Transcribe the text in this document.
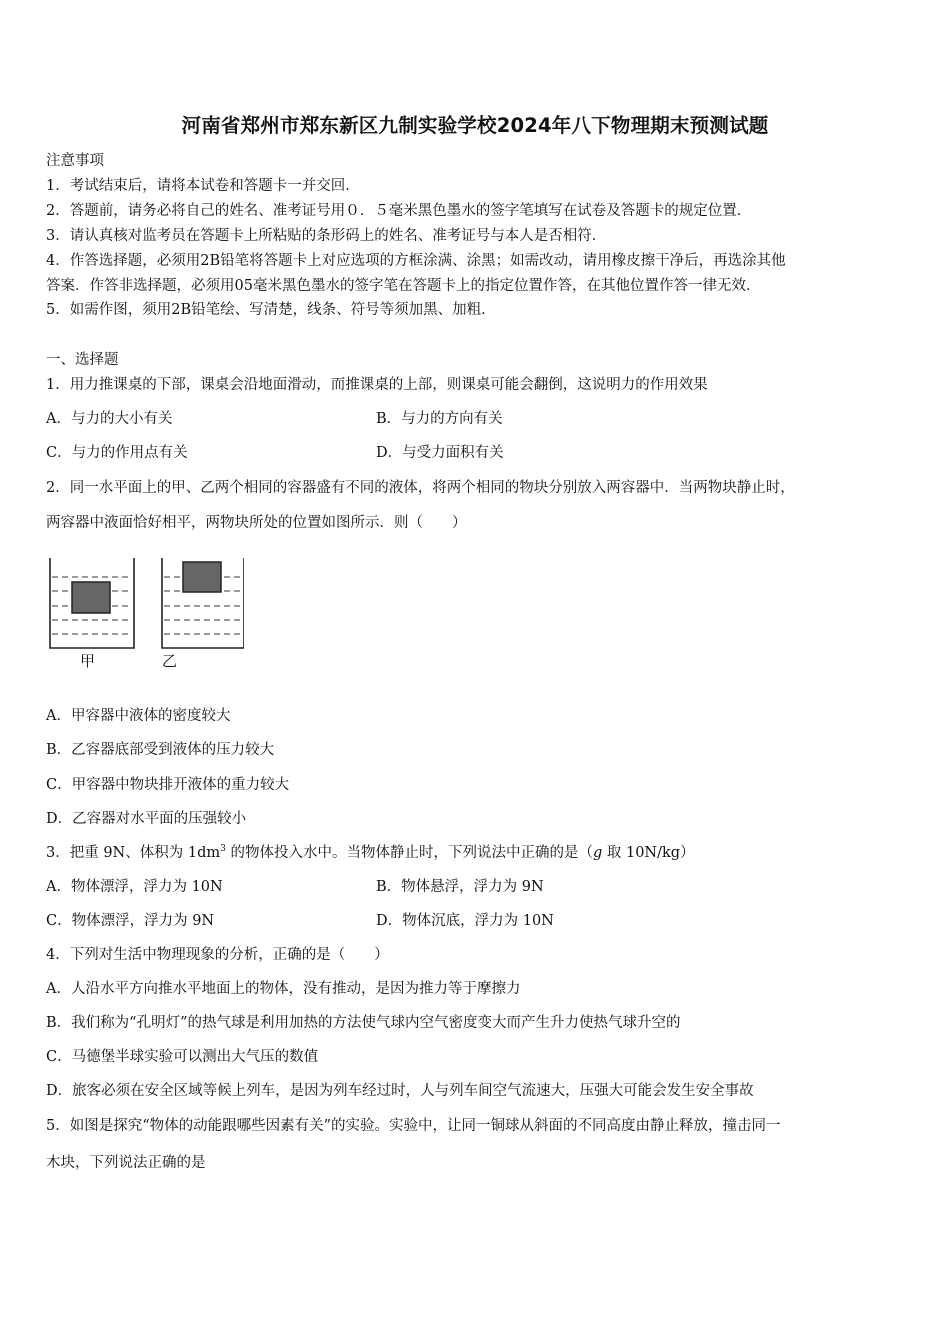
河南省郑州市郑东新区九制实验学校2024年八下物理期末预测试题
注意事项
1．考试结束后，请将本试卷和答题卡一并交回．
2．答题前，请务必将自己的姓名、准考证号用０．５毫米黑色墨水的签字笔填写在试卷及答题卡的规定位置．
3．请认真核对监考员在答题卡上所粘贴的条形码上的姓名、准考证号与本人是否相符．
4．作答选择题，必须用2B铅笔将答题卡上对应选项的方框涂满、涂黑；如需改动，请用橡皮擦干净后，再选涂其他
答案．作答非选择题，必须用05毫米黑色墨水的签字笔在答题卡上的指定位置作答，在其他位置作答一律无效．
5．如需作图，须用2B铅笔绘、写清楚，线条、符号等须加黑、加粗．
一、选择题
1．用力推课桌的下部，课桌会沿地面滑动，而推课桌的上部，则课桌可能会翻倒，这说明力的作用效果
A．与力的大小有关	B．与力的方向有关
C．与力的作用点有关	D．与受力面积有关
2．同一水平面上的甲、乙两个相同的容器盛有不同的液体，将两个相同的物块分别放入两容器中．当两物块静止时，
两容器中液面恰好相平，两物块所处的位置如图所示．则（　　）
甲	乙
A．甲容器中液体的密度较大
B．乙容器底部受到液体的压力较大
C．甲容器中物块排开液体的重力较大
D．乙容器对水平面的压强较小
3．把重 9N、体积为 $1dm^3$ 的物体投入水中。当物体静止时，下列说法中正确的是（g 取 10N/kg）
A．物体漂浮，浮力为 10N	B．物体悬浮，浮力为 9N
C．物体漂浮，浮力为 9N	D．物体沉底，浮力为 10N
4．下列对生活中物理现象的分析，正确的是（　　）
A．人沿水平方向推水平地面上的物体，没有推动，是因为推力等于摩擦力
B．我们称为“孔明灯”的热气球是利用加热的方法使气球内空气密度变大而产生升力使热气球升空的
C．马德堡半球实验可以测出大气压的数值
D．旅客必须在安全区域等候上列车，是因为列车经过时，人与列车间空气流速大，压强大可能会发生安全事故
5．如图是探究“物体的动能跟哪些因素有关”的实验。实验中，让同一铜球从斜面的不同高度由静止释放，撞击同一
木块，下列说法正确的是
